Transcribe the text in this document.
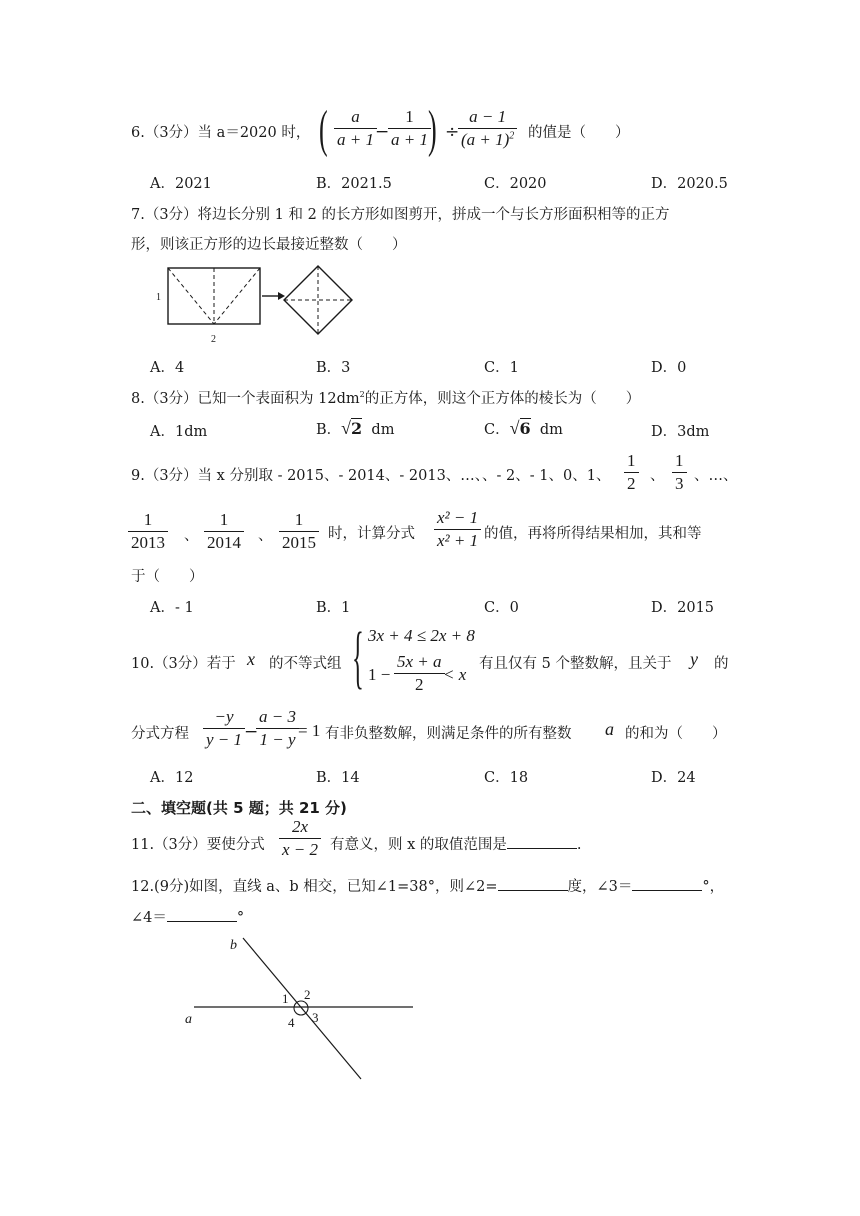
6.（3分）当 a＝2020 时， ( a
a + 1 −
1
a + 1 ) ÷
a − 1
$(a + 1)^2$ 的值是（　　）
A．2021	B．2021.5	C．2020	D．2020.5
7.（3分）将边长分别 1 和 2 的长方形如图剪开，拼成一个与长方形面积相等的正方
形，则该正方形的边长最接近整数（　　）
1
2
A．4	B．3	C．1	D．0
8.（3分）已知一个表面积为 $12dm^2$的正方体，则这个正方体的棱长为（　　）
A．1dm	B．√2 dm	C．√6 dm	D．3dm
9.（3分）当 x 分别取 - 2015、- 2014、- 2013、…、、- 2、- 1、0、1、
1
2 、
1
3 、…、
1
2013 、
1
2014 、
1
2015 时，计算分式
x² − 1
x² + 1 的值，再将所得结果相加，其和等
于（　　）
A．- 1	B．1	C．0	D．2015
10.（3分）若于 x 的不等式组 { 3x + 4 ≤ 2x + 8
1 −
5x + a
2
< x
有且仅有 5 个整数解，且关于 y 的
分式方程
−y
y − 1 −
a − 3
1 − y = 1 有非负整数解，则满足条件的所有整数 a 的和为（　　）
A．12	B．14	C．18	D．24
二、填空题(共 5 题；共 21 分)
11.（3分）要使分式
2x
x − 2 有意义，则 x 的取值范围是	.
12.(9分)如图，直线 a、b 相交，已知∠1=38°，则∠2=	度，∠3＝	°，
∠4＝	°
a
b
1 2
3
4
